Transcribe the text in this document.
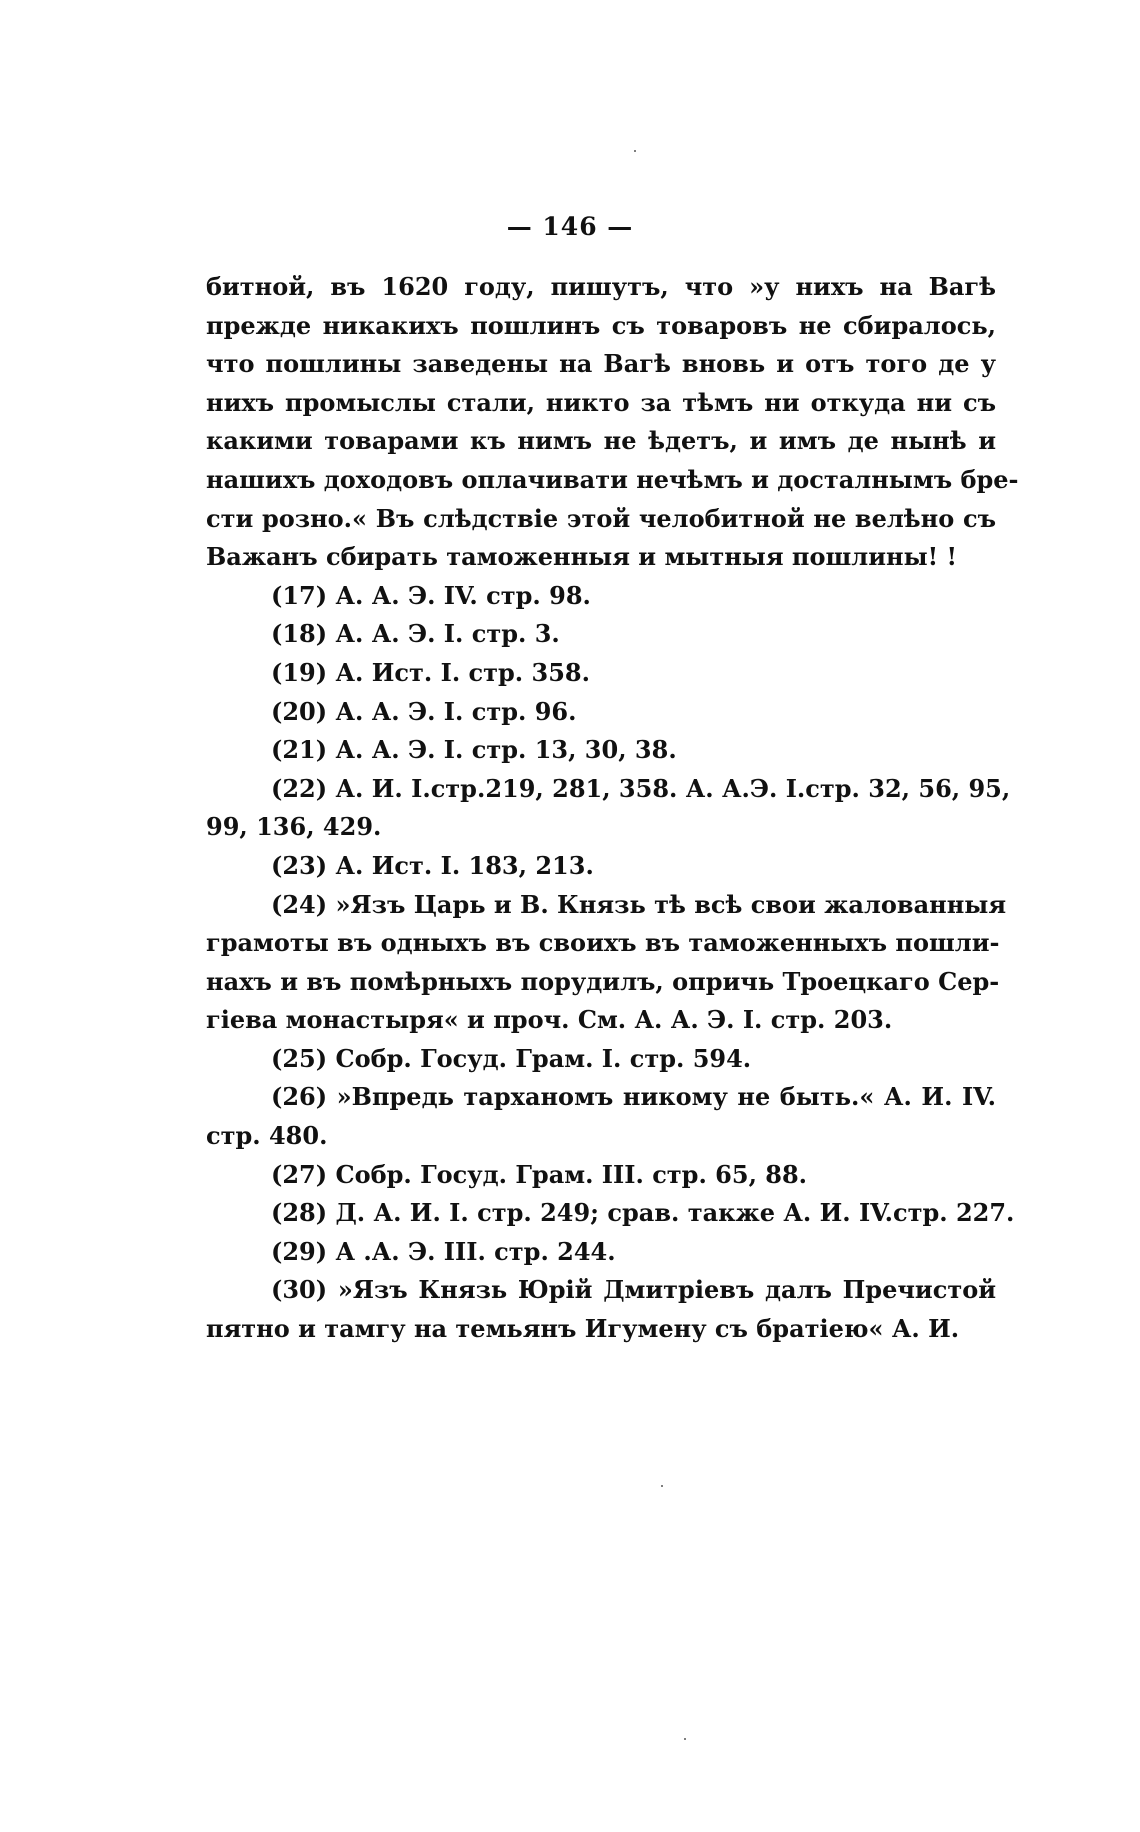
— 146 —
битной, въ 1620 году, пишутъ, что »у нихъ на Вагѣ
прежде никакихъ пошлинъ съ товаровъ не сбиралось,
что пошлины заведены на Вагѣ вновь и отъ того де у
нихъ промыслы стали, никто за тѣмъ ни откуда ни съ
какими товарами къ нимъ не ѣдетъ, и имъ де нынѣ и
нашихъ доходовъ оплачивати нечѣмъ и досталнымъ бре-
сти розно.« Въ слѣдствіе этой челобитной не велѣно съ
Важанъ сбирать таможенныя и мытныя пошлины! !
(17) А. А. Э. IV. стр. 98.
(18) А. А. Э. I. стр. 3.
(19) А. Ист. I. стр. 358.
(20) А. А. Э. I. стр. 96.
(21) А. А. Э. I. стр. 13, 30, 38.
(22) А. И. I.стр.219, 281, 358. А. А.Э. I.стр. 32, 56, 95,
99, 136, 429.
(23) А. Ист. I. 183, 213.
(24) »Язъ Царь и В. Князь тѣ всѣ свои жалованныя
грамоты въ одныхъ въ своихъ въ таможенныхъ пошли-
нахъ и въ помѣрныхъ порудилъ, опричь Троецкаго Сер-
гіева монастыря« и проч. См. А. А. Э. I. стр. 203.
(25) Собр. Госуд. Грам. I. стр. 594.
(26) »Впредь тарханомъ никому не быть.« А. И. IV.
стр. 480.
(27) Собр. Госуд. Грам. III. стр. 65, 88.
(28) Д. А. И. I. стр. 249; срав. также А. И. IV.стр. 227.
(29) А .А. Э. III. стр. 244.
(30) »Язъ Князь Юрій Дмитріевъ далъ Пречистой
пятно и тамгу на темьянъ Игумену съ братіею« А. И.
